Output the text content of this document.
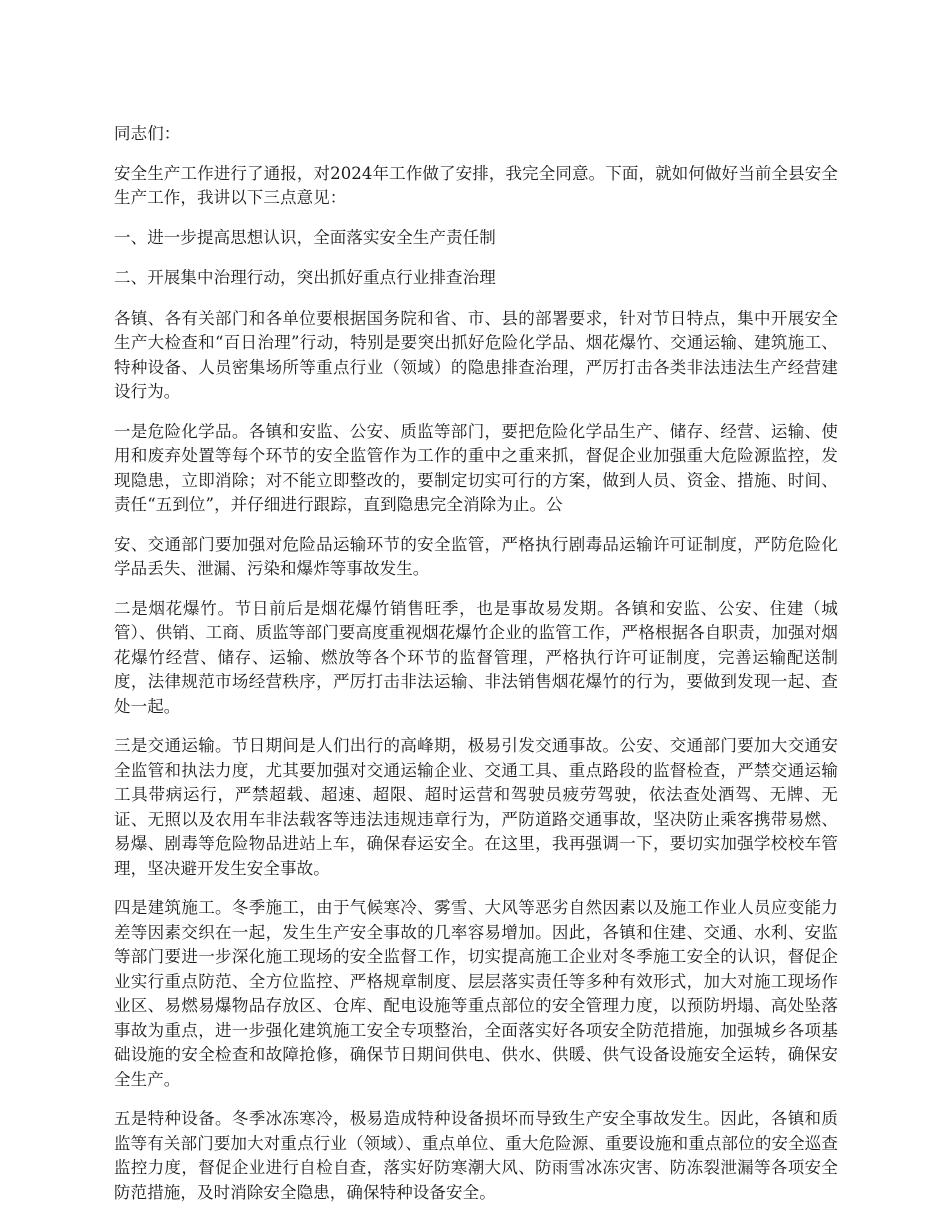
同志们：

安全生产工作进行了通报，对2024年工作做了安排，我完全同意。下面，就如何做好当前全县安全生产工作，我讲以下三点意见：

一、进一步提高思想认识，全面落实安全生产责任制

二、开展集中治理行动，突出抓好重点行业排查治理

各镇、各有关部门和各单位要根据国务院和省、市、县的部署要求，针对节日特点，集中开展安全生产大检查和“百日治理”行动，特别是要突出抓好危险化学品、烟花爆竹、交通运输、建筑施工、特种设备、人员密集场所等重点行业（领域）的隐患排查治理，严厉打击各类非法违法生产经营建设行为。

一是危险化学品。各镇和安监、公安、质监等部门，要把危险化学品生产、储存、经营、运输、使用和废弃处置等每个环节的安全监管作为工作的重中之重来抓，督促企业加强重大危险源监控，发现隐患，立即消除；对不能立即整改的，要制定切实可行的方案，做到人员、资金、措施、时间、责任“五到位”，并仔细进行跟踪，直到隐患完全消除为止。公

安、交通部门要加强对危险品运输环节的安全监管，严格执行剧毒品运输许可证制度，严防危险化学品丢失、泄漏、污染和爆炸等事故发生。

二是烟花爆竹。节日前后是烟花爆竹销售旺季，也是事故易发期。各镇和安监、公安、住建（城管）、供销、工商、质监等部门要高度重视烟花爆竹企业的监管工作，严格根据各自职责，加强对烟花爆竹经营、储存、运输、燃放等各个环节的监督管理，严格执行许可证制度，完善运输配送制度，法律规范市场经营秩序，严厉打击非法运输、非法销售烟花爆竹的行为，要做到发现一起、查处一起。

三是交通运输。节日期间是人们出行的高峰期，极易引发交通事故。公安、交通部门要加大交通安全监管和执法力度，尤其要加强对交通运输企业、交通工具、重点路段的监督检查，严禁交通运输工具带病运行，严禁超载、超速、超限、超时运营和驾驶员疲劳驾驶，依法查处酒驾、无牌、无证、无照以及农用车非法载客等违法违规违章行为，严防道路交通事故，坚决防止乘客携带易燃、易爆、剧毒等危险物品进站上车，确保春运安全。在这里，我再强调一下，要切实加强学校校车管理，坚决避开发生安全事故。

四是建筑施工。冬季施工，由于气候寒冷、雾雪、大风等恶劣自然因素以及施工作业人员应变能力差等因素交织在一起，发生生产安全事故的几率容易增加。因此，各镇和住建、交通、水利、安监等部门要进一步深化施工现场的安全监督工作，切实提高施工企业对冬季施工安全的认识，督促企业实行重点防范、全方位监控、严格规章制度、层层落实责任等多种有效形式，加大对施工现场作业区、易燃易爆物品存放区、仓库、配电设施等重点部位的安全管理力度，以预防坍塌、高处坠落事故为重点，进一步强化建筑施工安全专项整治，全面落实好各项安全防范措施，加强城乡各项基础设施的安全检查和故障抢修，确保节日期间供电、供水、供暖、供气设备设施安全运转，确保安全生产。

五是特种设备。冬季冰冻寒冷，极易造成特种设备损坏而导致生产安全事故发生。因此，各镇和质监等有关部门要加大对重点行业（领域）、重点单位、重大危险源、重要设施和重点部位的安全巡查监控力度，督促企业进行自检自查，落实好防寒潮大风、防雨雪冰冻灾害、防冻裂泄漏等各项安全防范措施，及时消除安全隐患，确保特种设备安全。
